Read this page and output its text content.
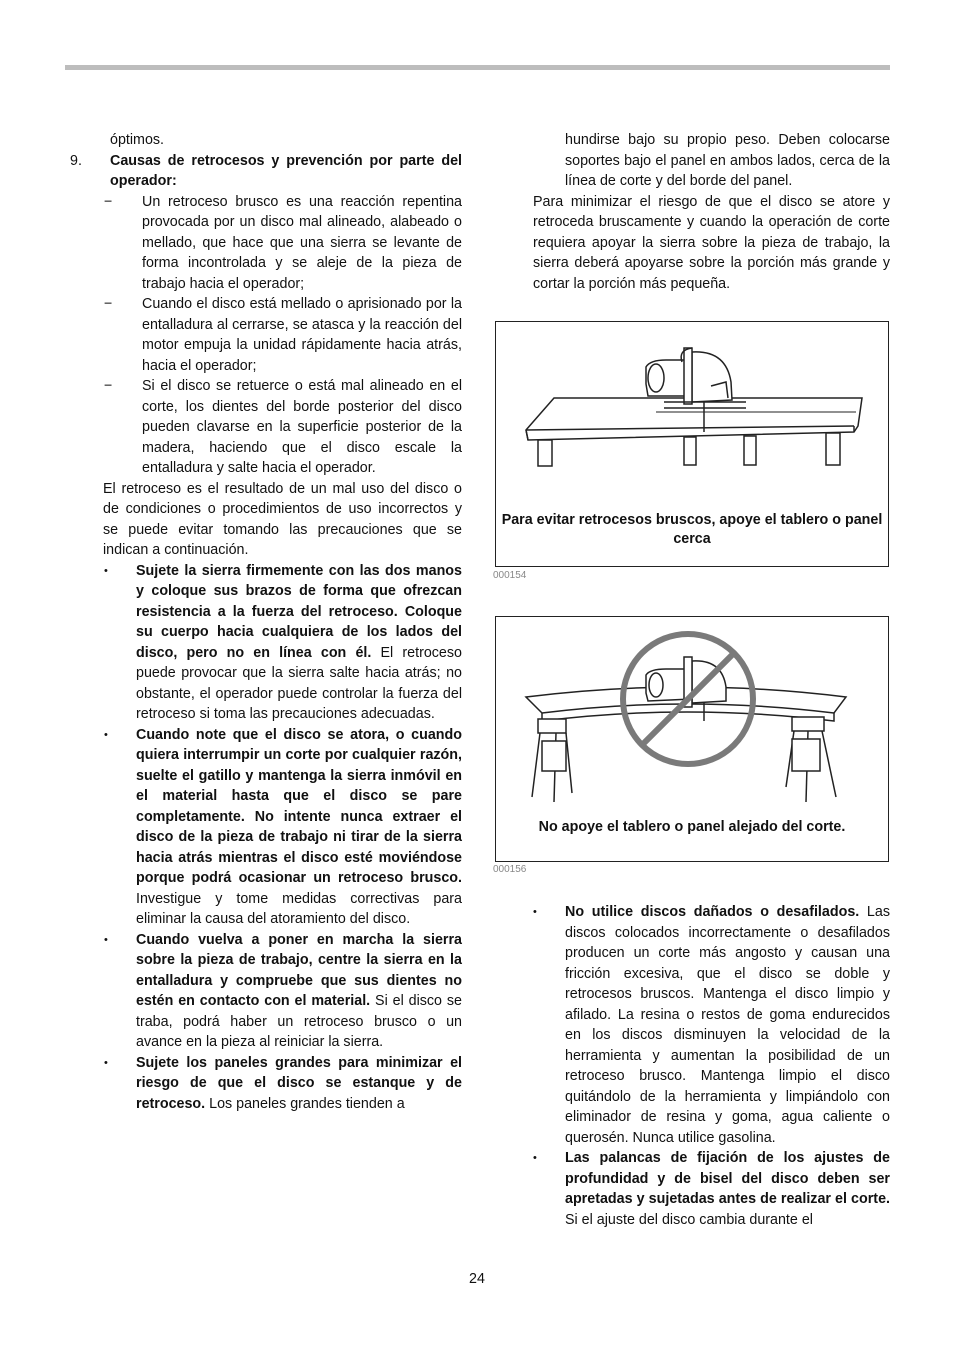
óptimos.

9. Causas de retrocesos y prevención por parte del operador:

− Un retroceso brusco es una reacción repentina provocada por un disco mal alineado, alabeado o mellado, que hace que una sierra se levante de forma incontrolada y se aleje de la pieza de trabajo hacia el operador;

− Cuando el disco está mellado o aprisionado por la entalladura al cerrarse, se atasca y la reacción del motor empuja la unidad rápidamente hacia atrás, hacia el operador;

− Si el disco se retuerce o está mal alineado en el corte, los dientes del borde posterior del disco pueden clavarse en la superficie posterior de la madera, haciendo que el disco escale la entalladura y salte hacia el operador.

El retroceso es el resultado de un mal uso del disco o de condiciones o procedimientos de uso incorrectos y se puede evitar tomando las precauciones que se indican a continuación.

• Sujete la sierra firmemente con las dos manos y coloque sus brazos de forma que ofrezcan resistencia a la fuerza del retroceso. Coloque su cuerpo hacia cualquiera de los lados del disco, pero no en línea con él. El retroceso puede provocar que la sierra salte hacia atrás; no obstante, el operador puede controlar la fuerza del retroceso si toma las precauciones adecuadas.

• Cuando note que el disco se atora, o cuando quiera interrumpir un corte por cualquier razón, suelte el gatillo y mantenga la sierra inmóvil en el material hasta que el disco se pare completamente. No intente nunca extraer el disco de la pieza de trabajo ni tirar de la sierra hacia atrás mientras el disco esté moviéndose porque podrá ocasionar un retroceso brusco. Investigue y tome medidas correctivas para eliminar la causa del atoramiento del disco.

• Cuando vuelva a poner en marcha la sierra sobre la pieza de trabajo, centre la sierra en la entalladura y compruebe que sus dientes no estén en contacto con el material. Si el disco se traba, podrá haber un retroceso brusco o un avance en la pieza al reiniciar la sierra.

• Sujete los paneles grandes para minimizar el riesgo de que el disco se estanque y de retroceso. Los paneles grandes tienden a

hundirse bajo su propio peso. Deben colocarse soportes bajo el panel en ambos lados, cerca de la línea de corte y del borde del panel.

Para minimizar el riesgo de que el disco se atore y retroceda bruscamente y cuando la operación de corte requiera apoyar la sierra sobre la pieza de trabajo, la sierra deberá apoyarse sobre la porción más grande y cortar la porción más pequeña.

Para evitar retrocesos bruscos, apoye el tablero o panel cerca
000154
No apoye el tablero o panel alejado del corte.
000156
• No utilice discos dañados o desafilados. Las discos colocados incorrectamente o desafilados producen un corte más angosto y causan una fricción excesiva, que el disco se doble y retrocesos bruscos. Mantenga el disco limpio y afilado. La resina o restos de goma endurecidos en los discos disminuyen la velocidad de la herramienta y aumentan la posibilidad de un retroceso brusco. Mantenga limpio el disco quitándolo de la herramienta y limpiándolo con eliminador de resina y goma, agua caliente o querosén. Nunca utilice gasolina.

• Las palancas de fijación de los ajustes de profundidad y de bisel del disco deben ser apretadas y sujetadas antes de realizar el corte. Si el ajuste del disco cambia durante el

24
